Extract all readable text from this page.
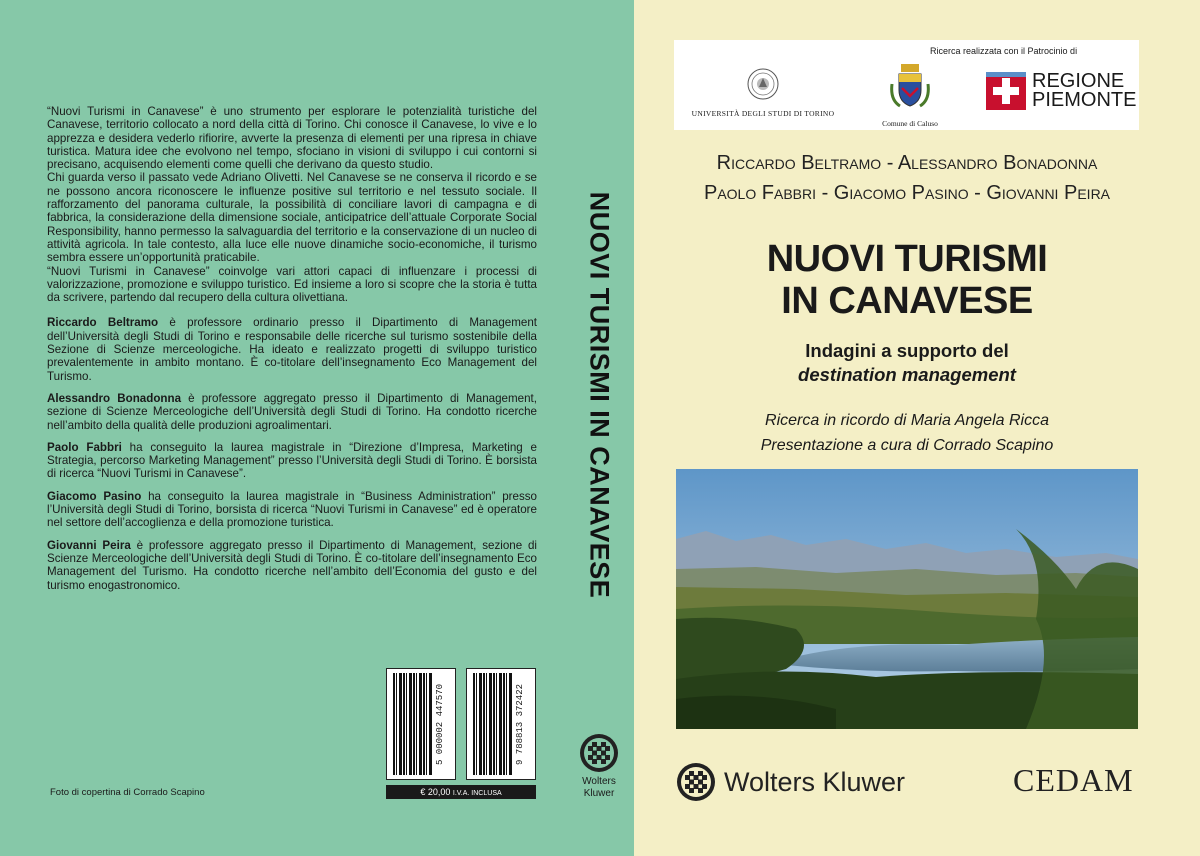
“Nuovi Turismi in Canavese” è uno strumento per esplorare le potenzialità turistiche del Canavese, territorio collocato a nord della città di Torino. Chi conosce il Canavese, lo vive e lo apprezza e desidera vederlo rifiorire, avverte la presenza di elementi per una ripresa in chiave turistica. Matura idee che evolvono nel tempo, sfociano in visioni di sviluppo i cui contorni si precisano, acquisendo elementi come quelli che derivano da questo studio.

Chi guarda verso il passato vede Adriano Olivetti. Nel Canavese se ne conserva il ricordo e se ne possono ancora riconoscere le influenze positive sul territorio e nel tessuto sociale. Il rafforzamento del panorama culturale, la possibilità di conciliare lavori di campagna e di fabbrica, la considerazione della dimensione sociale, anticipatrice dell’attuale Corporate Social Responsibility, hanno permesso la salvaguardia del territorio e la conservazione di un nucleo di attività agricola. In tale contesto, alla luce elle nuove dinamiche socio-economiche, il turismo sembra essere un’opportunità praticabile.

“Nuovi Turismi in Canavese” coinvolge vari attori capaci di influenzare i processi di valorizzazione, promozione e sviluppo turistico. Ed insieme a loro si scopre che la storia è tutta da scrivere, partendo dal recupero della cultura olivettiana.

Riccardo Beltramo è professore ordinario presso il Dipartimento di Management dell’Università degli Studi di Torino e responsabile delle ricerche sul turismo sostenibile della Sezione di Scienze merceologiche. Ha ideato e realizzato progetti di sviluppo turistico prevalentemente in ambito montano. È co-titolare dell’insegnamento Eco Management del Turismo.

Alessandro Bonadonna è professore aggregato presso il Dipartimento di Management, sezione di Scienze Merceologiche dell’Università degli Studi di Torino. Ha condotto ricerche nell’ambito della qualità delle produzioni agroalimentari.

Paolo Fabbri ha conseguito la laurea magistrale in “Direzione d’Impresa, Marketing e Strategia, percorso Marketing Management” presso l’Università degli Studi di Torino. È borsista di ricerca “Nuovi Turismi in Canavese”.

Giacomo Pasino ha conseguito la laurea magistrale in “Business Administration” presso l’Università degli Studi di Torino, borsista di ricerca “Nuovi Turismi in Canavese” ed è operatore nel settore dell’accoglienza e della promozione turistica.

Giovanni Peira è professore aggregato presso il Dipartimento di Management, sezione di Scienze Merceologiche dell’Università degli Studi di Torino. È co-titolare dell’insegnamento Eco Management del Turismo. Ha condotto ricerche nell’ambito dell’Economia del gusto e del turismo enogastronomico.

Foto di copertina di Corrado Scapino
5 000002 447570	9 788813 372422
€ 20,00 I.V.A. INCLUSA
NUOVI TURISMI IN CANAVESE
Wolters
Kluwer
Ricerca realizzata con il Patrocinio di
UNIVERSITÀ DEGLI STUDI DI TORINO
Comune di Caluso
REGIONE
PIEMONTE
Riccardo Beltramo - Alessandro Bonadonna
Paolo Fabbri - Giacomo Pasino - Giovanni Peira
NUOVI TURISMI
IN CANAVESE
Indagini a supporto del
destination management
Ricerca in ricordo di Maria Angela Ricca
Presentazione a cura di Corrado Scapino
Wolters Kluwer	CEDAM
